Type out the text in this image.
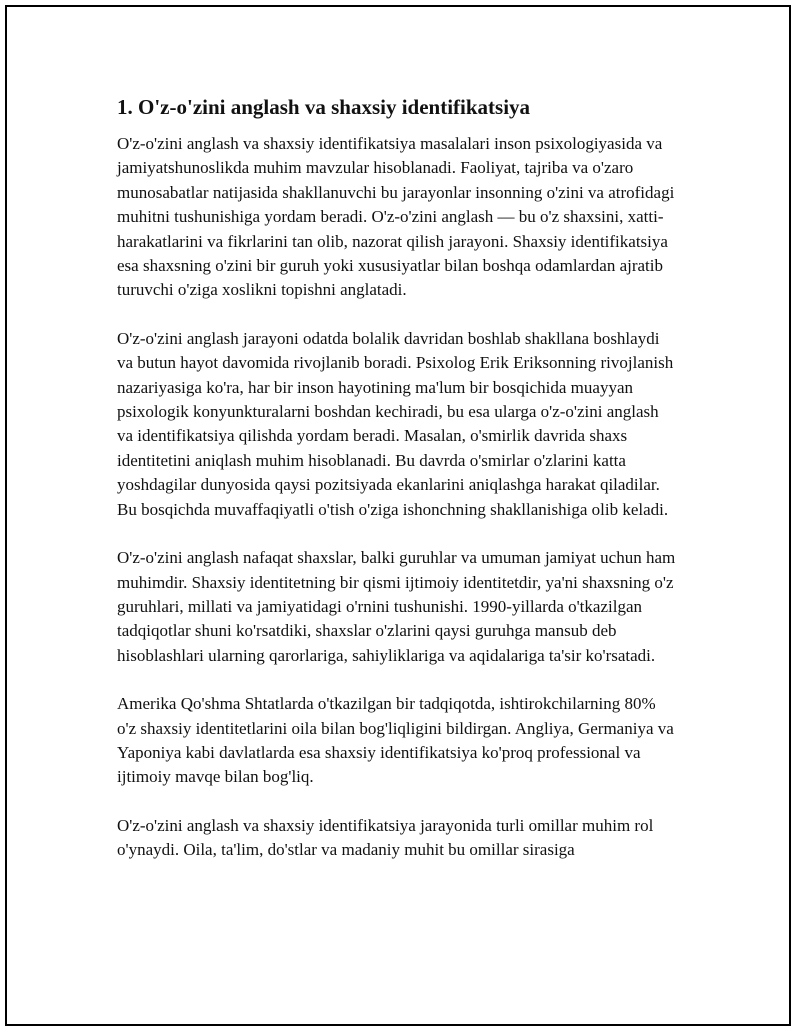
1. O'z-o'zini anglash va shaxsiy identifikatsiya

O'z-o'zini anglash va shaxsiy identifikatsiya masalalari inson psixologiyasida va jamiyatshunoslikda muhim mavzular hisoblanadi. Faoliyat, tajriba va o'zaro munosabatlar natijasida shakllanuvchi bu jarayonlar insonning o'zini va atrofidagi muhitni tushunishiga yordam beradi. O'z-o'zini anglash — bu o'z shaxsini, xatti-harakatlarini va fikrlarini tan olib, nazorat qilish jarayoni. Shaxsiy identifikatsiya esa shaxsning o'zini bir guruh yoki xususiyatlar bilan boshqa odamlardan ajratib turuvchi o'ziga xoslikni topishni anglatadi.

O'z-o'zini anglash jarayoni odatda bolalik davridan boshlab shakllana boshlaydi va butun hayot davomida rivojlanib boradi. Psixolog Erik Eriksonning rivojlanish nazariyasiga ko'ra, har bir inson hayotining ma'lum bir bosqichida muayyan psixologik konyunkturalarni boshdan kechiradi, bu esa ularga o'z-o'zini anglash va identifikatsiya qilishda yordam beradi. Masalan, o'smirlik davrida shaxs identitetini aniqlash muhim hisoblanadi. Bu davrda o'smirlar o'zlarini katta yoshdagilar dunyosida qaysi pozitsiyada ekanlarini aniqlashga harakat qiladilar. Bu bosqichda muvaffaqiyatli o'tish o'ziga ishonchning shakllanishiga olib keladi.

O'z-o'zini anglash nafaqat shaxslar, balki guruhlar va umuman jamiyat uchun ham muhimdir. Shaxsiy identitetning bir qismi ijtimoiy identitetdir, ya'ni shaxsning o'z guruhlari, millati va jamiyatidagi o'rnini tushunishi. 1990-yillarda o'tkazilgan tadqiqotlar shuni ko'rsatdiki, shaxslar o'zlarini qaysi guruhga mansub deb hisoblashlari ularning qarorlariga, sahiyliklariga va aqidalariga ta'sir ko'rsatadi.

Amerika Qo'shma Shtatlarda o'tkazilgan bir tadqiqotda, ishtirokchilarning 80% o'z shaxsiy identitetlarini oila bilan bog'liqligini bildirgan. Angliya, Germaniya va Yaponiya kabi davlatlarda esa shaxsiy identifikatsiya ko'proq professional va ijtimoiy mavqe bilan bog'liq.

O'z-o'zini anglash va shaxsiy identifikatsiya jarayonida turli omillar muhim rol o'ynaydi. Oila, ta'lim, do'stlar va madaniy muhit bu omillar sirasiga
